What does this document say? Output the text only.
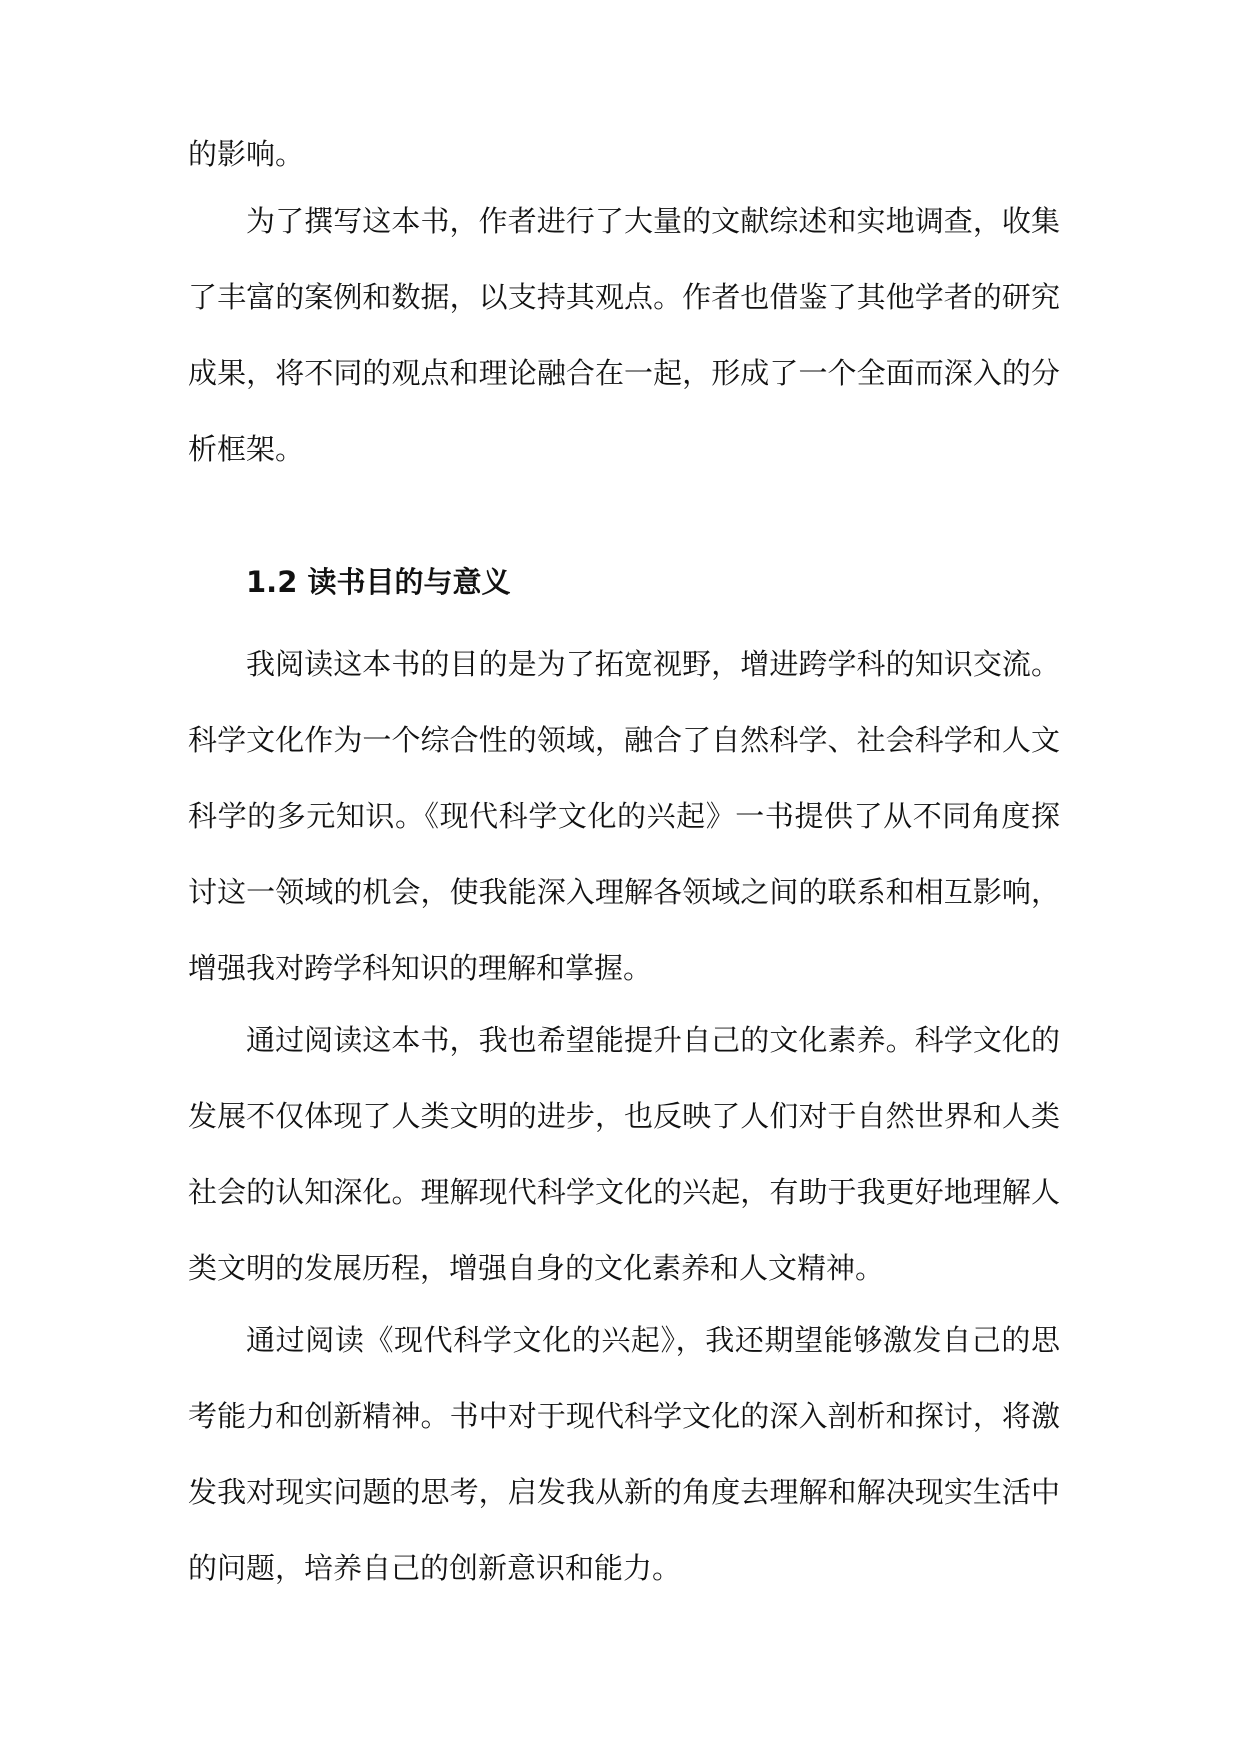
的影响。
为了撰写这本书，作者进行了大量的文献综述和实地调查，收集
了丰富的案例和数据，以支持其观点。作者也借鉴了其他学者的研究
成果，将不同的观点和理论融合在一起，形成了一个全面而深入的分
析框架。
1.2 读书目的与意义
我阅读这本书的目的是为了拓宽视野，增进跨学科的知识交流。
科学文化作为一个综合性的领域，融合了自然科学、社会科学和人文
科学的多元知识。《现代科学文化的兴起》一书提供了从不同角度探
讨这一领域的机会，使我能深入理解各领域之间的联系和相互影响，
增强我对跨学科知识的理解和掌握。
通过阅读这本书，我也希望能提升自己的文化素养。科学文化的
发展不仅体现了人类文明的进步，也反映了人们对于自然世界和人类
社会的认知深化。理解现代科学文化的兴起，有助于我更好地理解人
类文明的发展历程，增强自身的文化素养和人文精神。
通过阅读《现代科学文化的兴起》，我还期望能够激发自己的思
考能力和创新精神。书中对于现代科学文化的深入剖析和探讨，将激
发我对现实问题的思考，启发我从新的角度去理解和解决现实生活中
的问题，培养自己的创新意识和能力。
